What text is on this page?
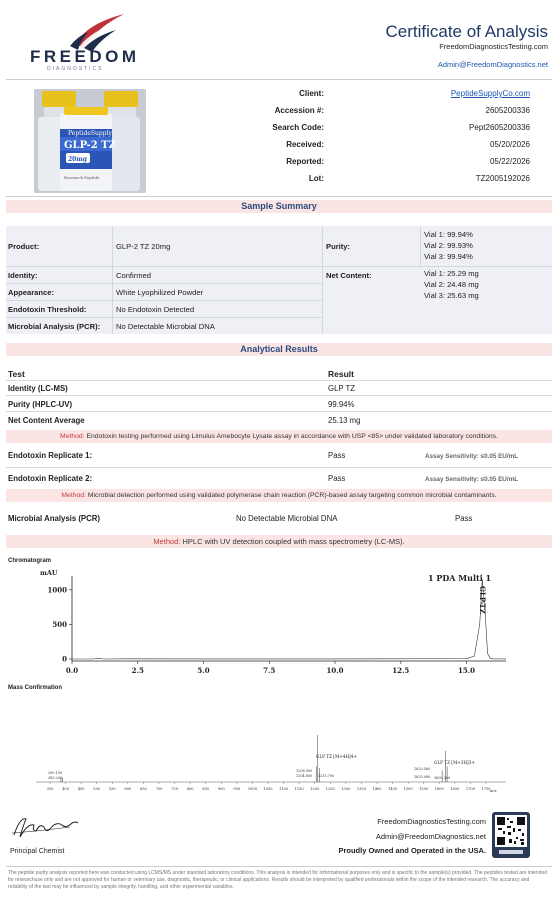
FREEDOM
DIAGNOSTICS
Certificate of Analysis
FreedomDiagnosticsTesting.com
Admin@FreedomDiagnostics.net
PeptideSupply
GLP-2 TZ
20mg
Research Peptide
Client:	PeptideSupplyCo.com
Accession #:	2605200336
Search Code:	Pept2605200336
Received:	05/20/2026
Reported:	05/22/2026
Lot:	TZ2005192026
Sample Summary
Product:	GLP-2 TZ 20mg
Identity:	Confirmed
Appearance:	White Lyophilized Powder
Endotoxin Threshold:	No Endotoxin Detected
Microbial Analysis (PCR): No Detectable Microbial DNA
Purity:
Vial 1: 99.94%
Vial 2: 99.93%
Vial 3: 99.94%
Net Content:	Vial 1: 25.29 mg
Vial 2: 24.48 mg
Vial 3: 25.63 mg
Analytical Results
Test	Result
Identity (LC-MS)	GLP TZ
Purity (HPLC-UV)	99.94%
Net Content Average	25.13 mg
Method: Endotoxin testing performed using Limulus Amebocyte Lysate assay in accordance with USP <85> under validated laboratory conditions.
Endotoxin Replicate 1:	Pass	Assay Sensitivity: ≤0.05 EU/mL
Endotoxin Replicate 2:	Pass	Assay Sensitivity: ≤0.05 EU/mL
Method: Microbial detection performed using validated polymerase chain reaction (PCR)-based assay targeting common microbial contaminants.
Microbial Analysis (PCR)	No Detectable Microbial DNA	Pass
Method: HPLC with UV detection coupled with mass spectrometry (LC-MS).
Chromatogram
1000
500
0
0.0	2.5	5.0	7.5	10.0	12.5	15.0
mAU	1 PDA Multi 1
GLP-TZ
Mass Confirmation
350 400 450 500 550 600 650 700 750 800 850 900 950 1000 1050 1100 1150 1200 1250 1300 1350 1400 1450 1500 1550 1600 1650 1700 1750
GLP TZ [M+4H]4+
GLP TZ [M+3H]3+
390.100
385.200
1208.900
1204.800 1215.700
1620.560
1625.080 1609.200
m/z
Principal Chemist
FreedomDiagnosticsTesting.com
Admin@FreedomDiagnostics.net
Proudly Owned and Operated in the USA.
The peptide purity analysis reported here was conducted using LCMS/MS under standard laboratory conditions. This analysis is intended for informational purposes only and is specific to the sample(s) provided. The peptides tested are intended for researchuse only and are not approved for human or veterinary use, diagnostic, therapeutic, or clinical applications. Results should be interpreted by qualified professionals within the scope of the intended research. The accuracy and reliability of the test may be influenced by sample integrity, handling, and other experimental variables.
